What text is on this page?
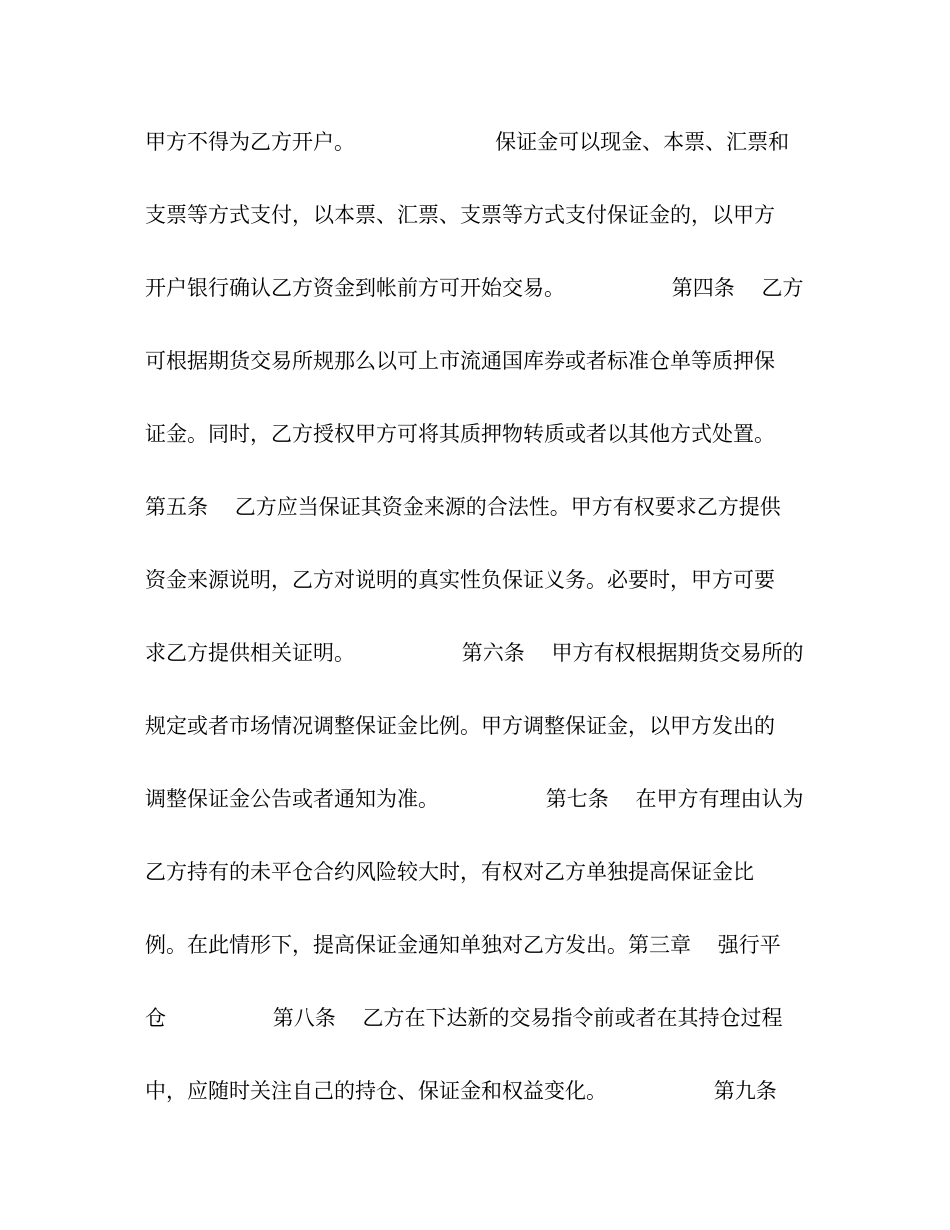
甲方不得为乙方开户。                     保证金可以现金、本票、汇票和
支票等方式支付，以本票、汇票、支票等方式支付保证金的，以甲方
开户银行确认乙方资金到帐前方可开始交易。                第四条    乙方
可根据期货交易所规那么以可上市流通国库券或者标准仓单等质押保
证金。同时，乙方授权甲方可将其质押物转质或者以其他方式处置。
第五条    乙方应当保证其资金来源的合法性。甲方有权要求乙方提供
资金来源说明，乙方对说明的真实性负保证义务。必要时，甲方可要
求乙方提供相关证明。                第六条    甲方有权根据期货交易所的
规定或者市场情况调整保证金比例。甲方调整保证金，以甲方发出的
调整保证金公告或者通知为准。                第七条    在甲方有理由认为
乙方持有的未平仓合约风险较大时，有权对乙方单独提高保证金比
例。在此情形下，提高保证金通知单独对乙方发出。第三章    强行平
仓                第八条    乙方在下达新的交易指令前或者在其持仓过程
中，应随时关注自己的持仓、保证金和权益变化。                第九条
